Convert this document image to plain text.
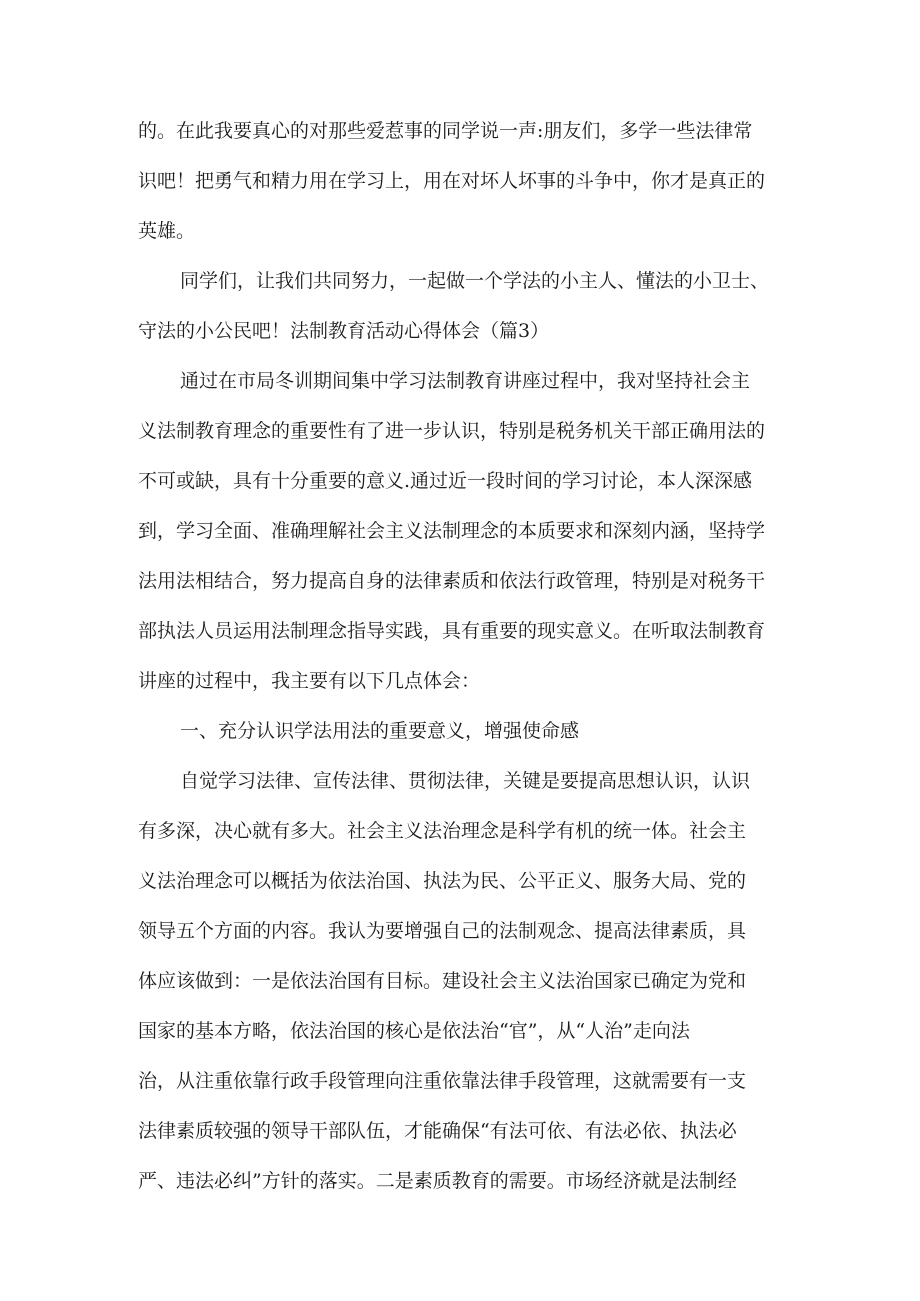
的。在此我要真心的对那些爱惹事的同学说一声:朋友们，多学一些法律常

识吧！把勇气和精力用在学习上，用在对坏人坏事的斗争中，你才是真正的

英雄。

同学们，让我们共同努力，一起做一个学法的小主人、懂法的小卫士、

守法的小公民吧！法制教育活动心得体会（篇3）

通过在市局冬训期间集中学习法制教育讲座过程中，我对坚持社会主

义法制教育理念的重要性有了进一步认识，特别是税务机关干部正确用法的

不可或缺，具有十分重要的意义.通过近一段时间的学习讨论，本人深深感

到，学习全面、准确理解社会主义法制理念的本质要求和深刻内涵，坚持学

法用法相结合，努力提高自身的法律素质和依法行政管理，特别是对税务干

部执法人员运用法制理念指导实践，具有重要的现实意义。在听取法制教育

讲座的过程中，我主要有以下几点体会：

一、充分认识学法用法的重要意义，增强使命感

自觉学习法律、宣传法律、贯彻法律，关键是要提高思想认识，认识

有多深，决心就有多大。社会主义法治理念是科学有机的统一体。社会主

义法治理念可以概括为依法治国、执法为民、公平正义、服务大局、党的

领导五个方面的内容。我认为要增强自己的法制观念、提高法律素质，具

体应该做到：一是依法治国有目标。建设社会主义法治国家已确定为党和

国家的基本方略，依法治国的核心是依法治“官”，从“人治”走向法

治，从注重依靠行政手段管理向注重依靠法律手段管理，这就需要有一支

法律素质较强的领导干部队伍，才能确保“有法可依、有法必依、执法必

严、违法必纠”方针的落实。二是素质教育的需要。市场经济就是法制经
